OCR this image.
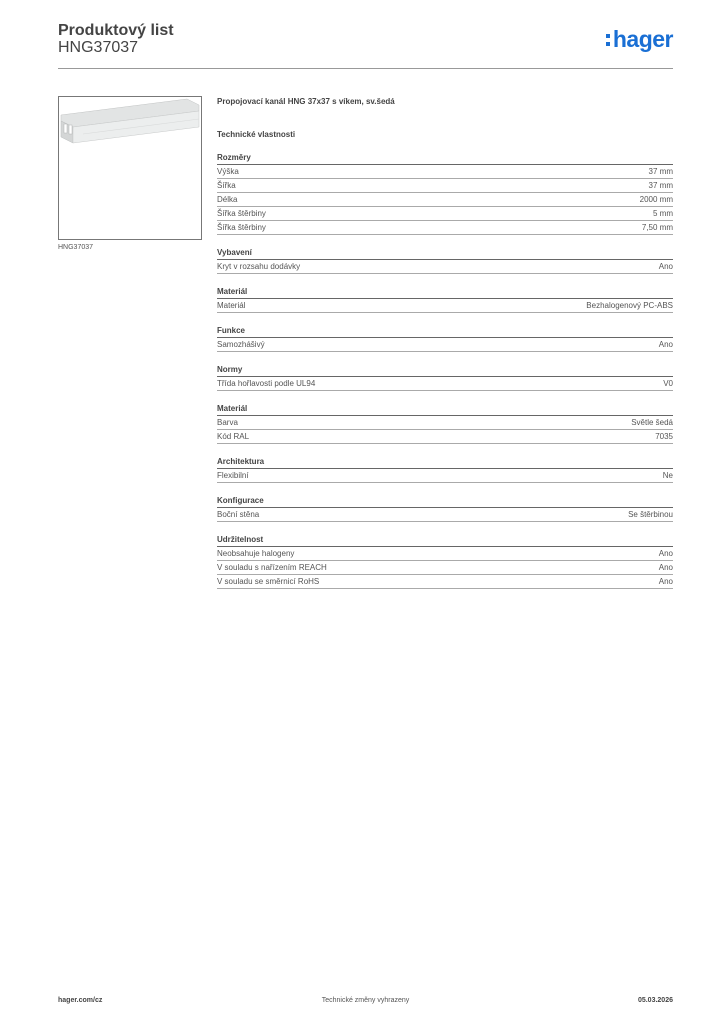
Produktový list
HNG37037	hager
HNG37037
Propojovací kanál HNG 37x37 s víkem, sv.šedá
Technické vlastnosti
Rozměry
Výška	37 mm
Šířka	37 mm
Délka	2000 mm
Šířka štěrbiny	5 mm
Šířka štěrbiny	7,50 mm
Vybavení
Kryt v rozsahu dodávky	Ano
Materiál
Materiál	Bezhalogenový PC-ABS
Funkce
Samozhášivý	Ano
Normy
Třída hořlavosti podle UL94	V0
Materiál
Barva	Světle šedá
Kód RAL	7035
Architektura
Flexibilní	Ne
Konfigurace
Boční stěna	Se štěrbinou
Udržitelnost
Neobsahuje halogeny	Ano
V souladu s nařízením REACH	Ano
V souladu se směrnicí RoHS	Ano
hager.com/cz	Technické změny vyhrazeny	05.03.2026
